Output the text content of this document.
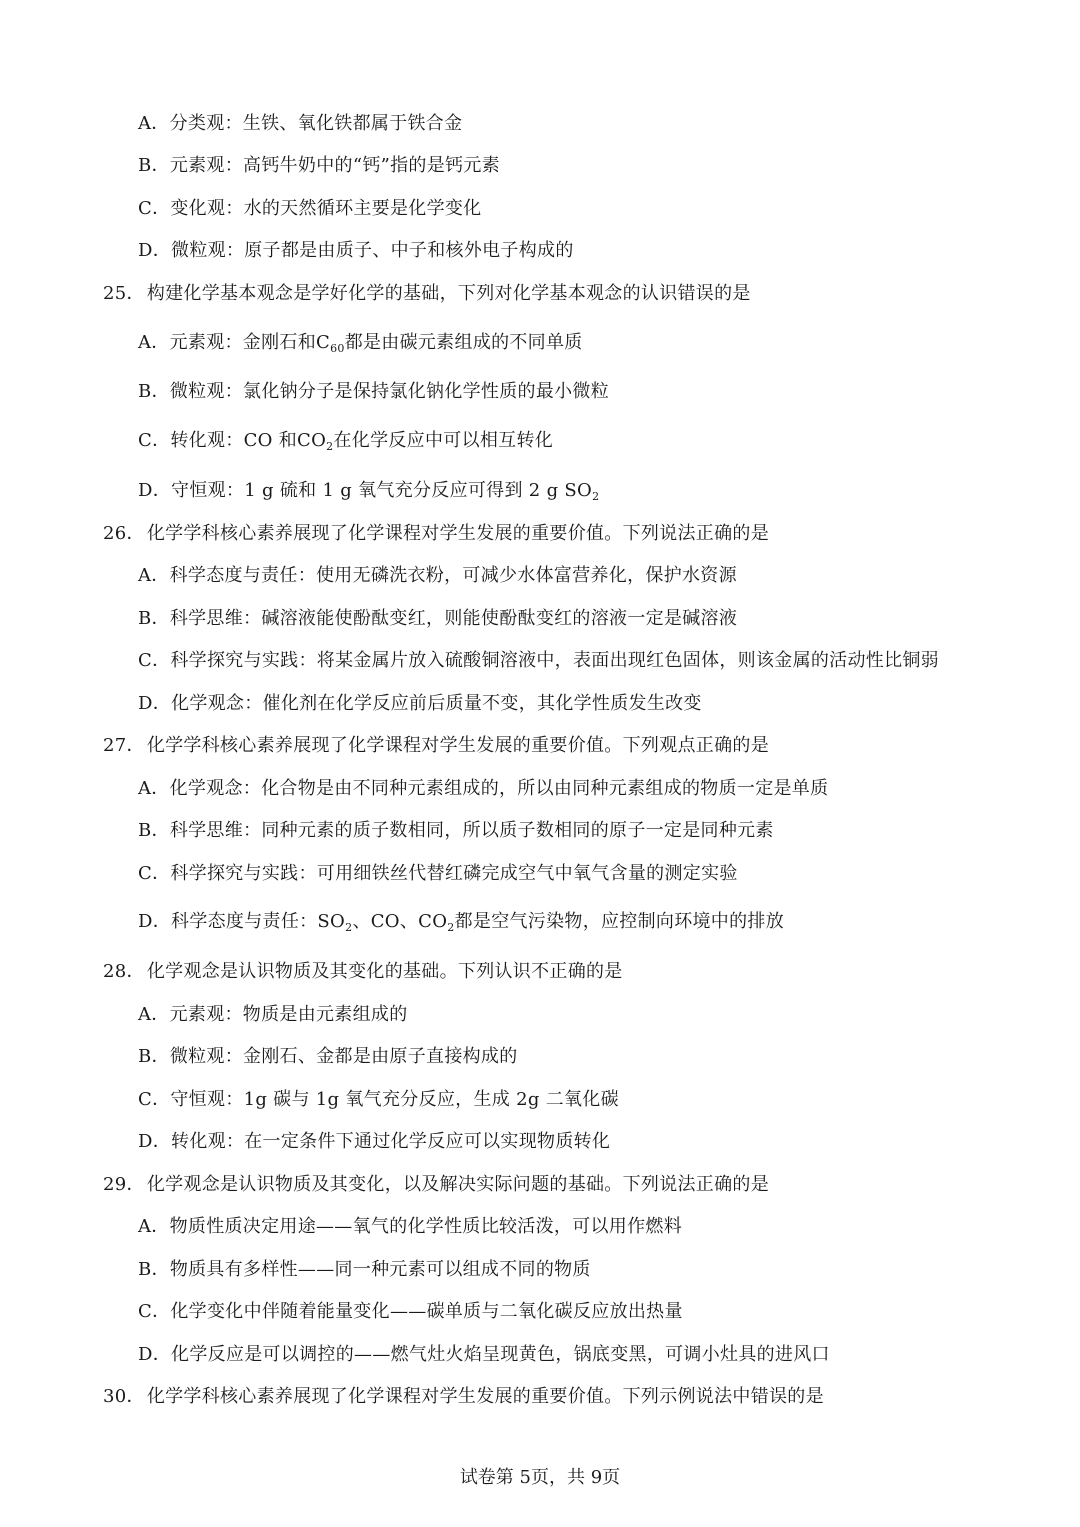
A．分类观：生铁、氧化铁都属于铁合金
B．元素观：高钙牛奶中的“钙”指的是钙元素
C．变化观：水的天然循环主要是化学变化
D．微粒观：原子都是由质子、中子和核外电子构成的
25． 构建化学基本观念是学好化学的基础，下列对化学基本观念的认识错误的是
A．元素观：金刚石和$C_{60}$都是由碳元素组成的不同单质
B．微粒观：氯化钠分子是保持氯化钠化学性质的最小微粒
C．转化观：CO 和$CO_2$在化学反应中可以相互转化
D．守恒观：1 g 硫和 1 g 氧气充分反应可得到 2 g $SO_2$
26． 化学学科核心素养展现了化学课程对学生发展的重要价值。下列说法正确的是
A．科学态度与责任：使用无磷洗衣粉，可减少水体富营养化，保护水资源
B．科学思维：碱溶液能使酚酞变红，则能使酚酞变红的溶液一定是碱溶液
C．科学探究与实践：将某金属片放入硫酸铜溶液中，表面出现红色固体，则该金属的活动性比铜弱
D．化学观念：催化剂在化学反应前后质量不变，其化学性质发生改变
27． 化学学科核心素养展现了化学课程对学生发展的重要价值。下列观点正确的是
A．化学观念：化合物是由不同种元素组成的，所以由同种元素组成的物质一定是单质
B．科学思维：同种元素的质子数相同，所以质子数相同的原子一定是同种元素
C．科学探究与实践：可用细铁丝代替红磷完成空气中氧气含量的测定实验
D．科学态度与责任：$SO_2$、CO、$CO_2$都是空气污染物，应控制向环境中的排放
28． 化学观念是认识物质及其变化的基础。下列认识不正确的是
A．元素观：物质是由元素组成的
B．微粒观：金刚石、金都是由原子直接构成的
C．守恒观：1g 碳与 1g 氧气充分反应，生成 2g 二氧化碳
D．转化观：在一定条件下通过化学反应可以实现物质转化
29． 化学观念是认识物质及其变化，以及解决实际问题的基础。下列说法正确的是
A．物质性质决定用途——氧气的化学性质比较活泼，可以用作燃料
B．物质具有多样性——同一种元素可以组成不同的物质
C．化学变化中伴随着能量变化——碳单质与二氧化碳反应放出热量
D．化学反应是可以调控的——燃气灶火焰呈现黄色，锅底变黑，可调小灶具的进风口
30． 化学学科核心素养展现了化学课程对学生发展的重要价值。下列示例说法中错误的是
试卷第 5页，共 9页
